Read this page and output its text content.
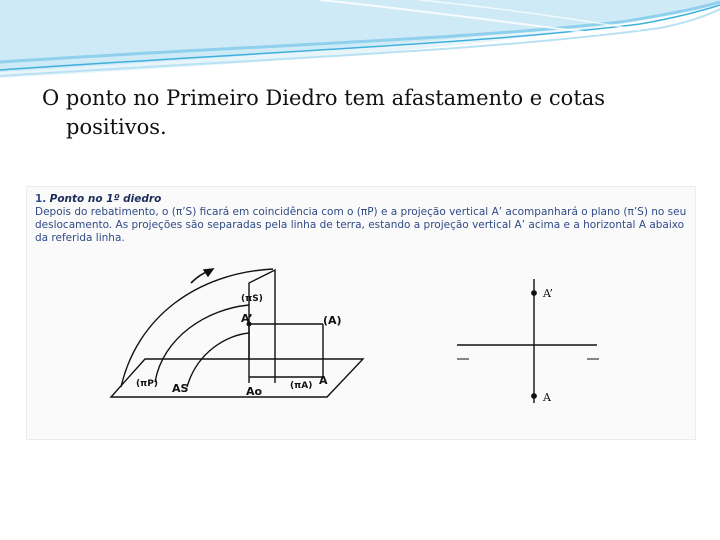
O ponto no Primeiro Diedro tem afastamento e cotas positivos.
1. Ponto no 1º diedro
Depois do rebatimento, o (π’S) ficará em coincidência com o (πP) e a projeção vertical A’ acompanhará o plano (π’S) no seu deslocamento. As projeções são separadas pela linha de terra, estando a projeção vertical A’ acima e a horizontal A abaixo da referida linha.
(πS)
A’	(A)
(πP) AS	Ao	(πA) A
A’
A
